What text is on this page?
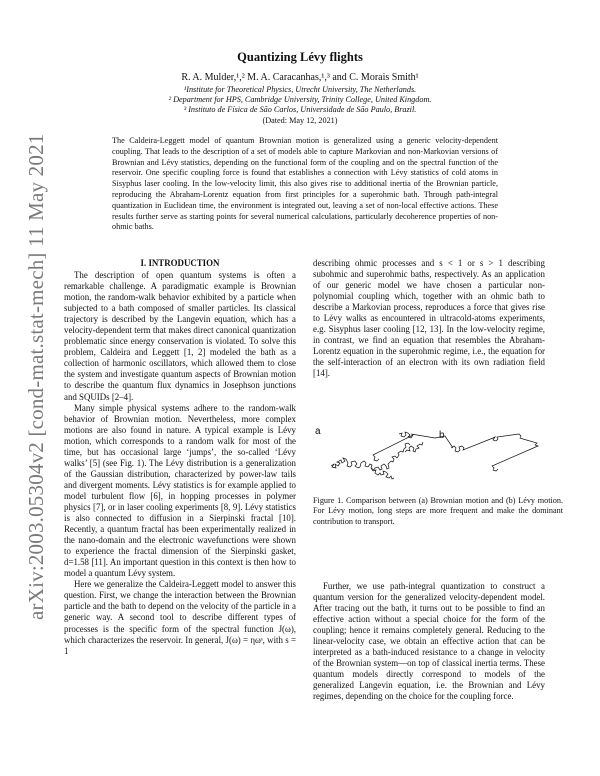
arXiv:2003.05304v2 [cond-mat.stat-mech] 11 May 2021
Quantizing Lévy flights
R. A. Mulder,¹,² M. A. Caracanhas,¹,³ and C. Morais Smith¹
¹Institute for Theoretical Physics, Utrecht University, The Netherlands.
² Department for HPS, Cambridge University, Trinity College, United Kingdom.
³ Instituto de Física de São Carlos, Universidade de São Paulo, Brazil.
(Dated: May 12, 2021)
The Caldeira-Leggett model of quantum Brownian motion is generalized using a generic velocity-dependent coupling. That leads to the description of a set of models able to capture Markovian and non-Markovian versions of Brownian and Lévy statistics, depending on the functional form of the coupling and on the spectral function of the reservoir. One specific coupling force is found that establishes a connection with Lévy statistics of cold atoms in Sisyphus laser cooling. In the low-velocity limit, this also gives rise to additional inertia of the Brownian particle, reproducing the Abraham-Lorentz equation from first principles for a superohmic bath. Through path-integral quantization in Euclidean time, the environment is integrated out, leaving a set of non-local effective actions. These results further serve as starting points for several numerical calculations, particularly decoherence properties of non-ohmic baths.
I. INTRODUCTION

The description of open quantum systems is often a remarkable challenge. A paradigmatic example is Brownian motion, the random-walk behavior exhibited by a particle when subjected to a bath composed of smaller particles. Its classical trajectory is described by the Langevin equation, which has a velocity-dependent term that makes direct canonical quantization problematic since energy conservation is violated. To solve this problem, Caldeira and Leggett [1, 2] modeled the bath as a collection of harmonic oscillators, which allowed them to close the system and investigate quantum aspects of Brownian motion to describe the quantum flux dynamics in Josephson junctions and SQUIDs [2–4].

Many simple physical systems adhere to the random-walk behavior of Brownian motion. Nevertheless, more complex motions are also found in nature. A typical example is Lévy motion, which corresponds to a random walk for most of the time, but has occasional large ‘jumps’, the so-called ‘Lévy walks’ [5] (see Fig. 1). The Lévy distribution is a generalization of the Gaussian distribution, characterized by power-law tails and divergent moments. Lévy statistics is for example applied to model turbulent flow [6], in hopping processes in polymer physics [7], or in laser cooling experiments [8, 9]. Lévy statistics is also connected to diffusion in a Sierpinski fractal [10]. Recently, a quantum fractal has been experimentally realized in the nano-domain and the electronic wavefunctions were shown to experience the fractal dimension of the Sierpinski gasket, d=1.58 [11]. An important question in this context is then how to model a quantum Lévy system.

Here we generalize the Caldeira-Leggett model to answer this question. First, we change the interaction between the Brownian particle and the bath to depend on the velocity of the particle in a generic way. A second tool to describe different types of processes is the specific form of the spectral function J(ω), which characterizes the reservoir. In general, J(ω) = ηωˢ, with s = 1

describing ohmic processes and s < 1 or s > 1 describing subohmic and superohmic baths, respectively. As an application of our generic model we have chosen a particular non-polynomial coupling which, together with an ohmic bath to describe a Markovian process, reproduces a force that gives rise to Lévy walks as encountered in ultracold-atoms experiments, e.g. Sisyphus laser cooling [12, 13]. In the low-velocity regime, in contrast, we find an equation that resembles the Abraham-Lorentz equation in the superohmic regime, i.e., the equation for the self-interaction of an electron with its own radiation field [14].

a	b
Figure 1. Comparison between (a) Brownian motion and (b) Lévy motion. For Lévy motion, long steps are more frequent and make the dominant contribution to transport.

Further, we use path-integral quantization to construct a quantum version for the generalized velocity-dependent model. After tracing out the bath, it turns out to be possible to find an effective action without a special choice for the form of the coupling; hence it remains completely general. Reducing to the linear-velocity case, we obtain an effective action that can be interpreted as a bath-induced resistance to a change in velocity of the Brownian system—on top of classical inertia terms. These quantum models directly correspond to models of the generalized Langevin equation, i.e. the Brownian and Lévy regimes, depending on the choice for the coupling force.
